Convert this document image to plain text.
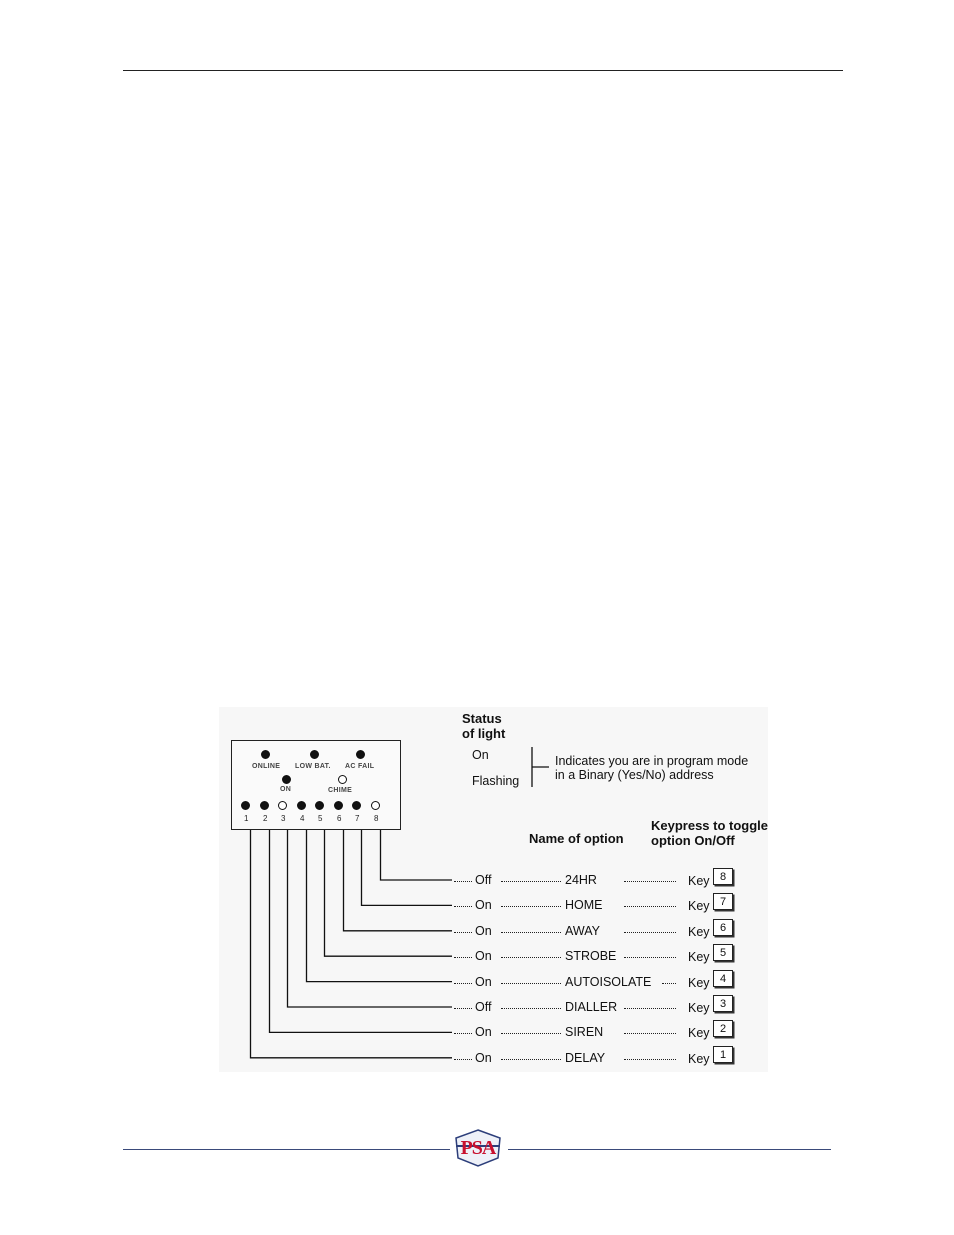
ONLINE LOW BAT. AC FAIL
ON	CHIME
1 2 3 4 5 6 7 8
Status
of light
On
Flashing
Indicates you are in program mode
in a Binary (Yes/No) address
Name of option
Keypress to toggle
option On/Off
Off	24HR	Key 8
On	HOME	Key 7
On	AWAY	Key 6
On	STROBE	Key 5
On	AUTOISOLATE	Key 4
Off	DIALLER	Key 3
On	SIREN	Key 2
On	DELAY	Key 1
PSA
